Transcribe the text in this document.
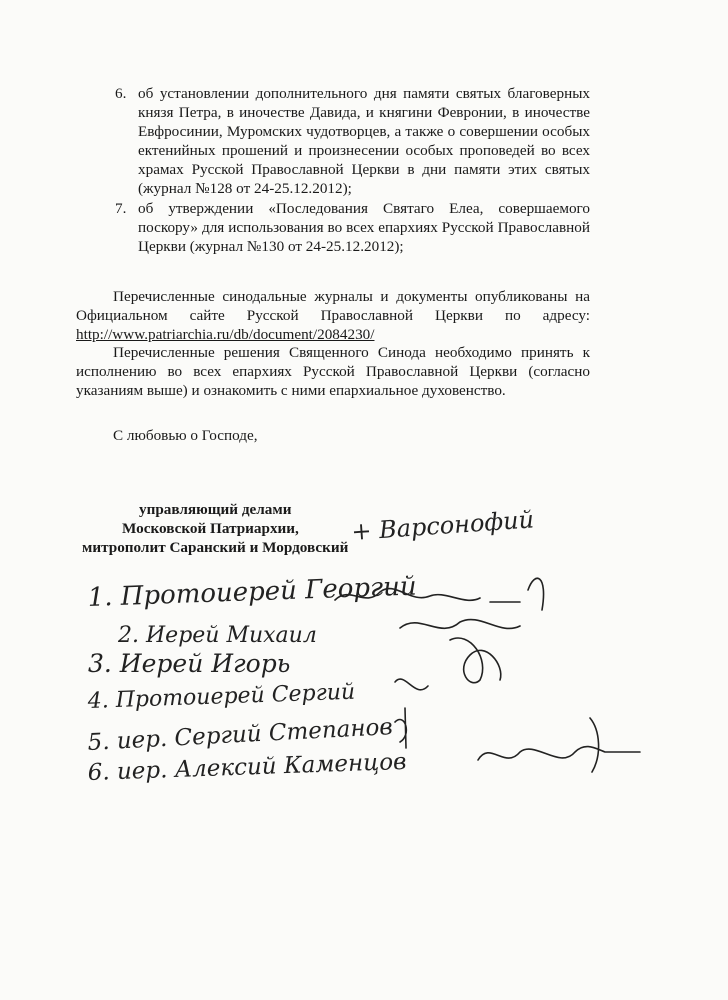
6. об установлении дополнительного дня памяти святых благоверных князя Петра, в иночестве Давида, и княгини Февронии, в иночестве Евфросинии, Муромских чудотворцев, а также о совершении особых ектенийных прошений и произнесении особых проповедей во всех храмах Русской Православной Церкви в дни памяти этих святых (журнал №128 от 24-25.12.2012);
7. об утверждении «Последования Святаго Елеа, совершаемого поскору» для использования во всех епархиях Русской Православной Церкви (журнал №130 от 24-25.12.2012);
Перечисленные синодальные журналы и документы опубликованы на Официальном сайте Русской Православной Церкви по адресу: http://www.patriarchia.ru/db/document/2084230/
Перечисленные решения Священного Синода необходимо принять к исполнению во всех епархиях Русской Православной Церкви (согласно указаниям выше) и ознакомить с ними епархиальное духовенство.
С любовью о Господе,
управляющий делами
Московской Патриархии,
митрополит Саранский и Мордовский
+ Варсонофий
1. Протоиерей Георгий
2. Иерей Михаил
3. Иерей Игорь
4. Протоиерей Сергий
5. иер. Сергий Степанов
6. иер. Алексий Каменцов
